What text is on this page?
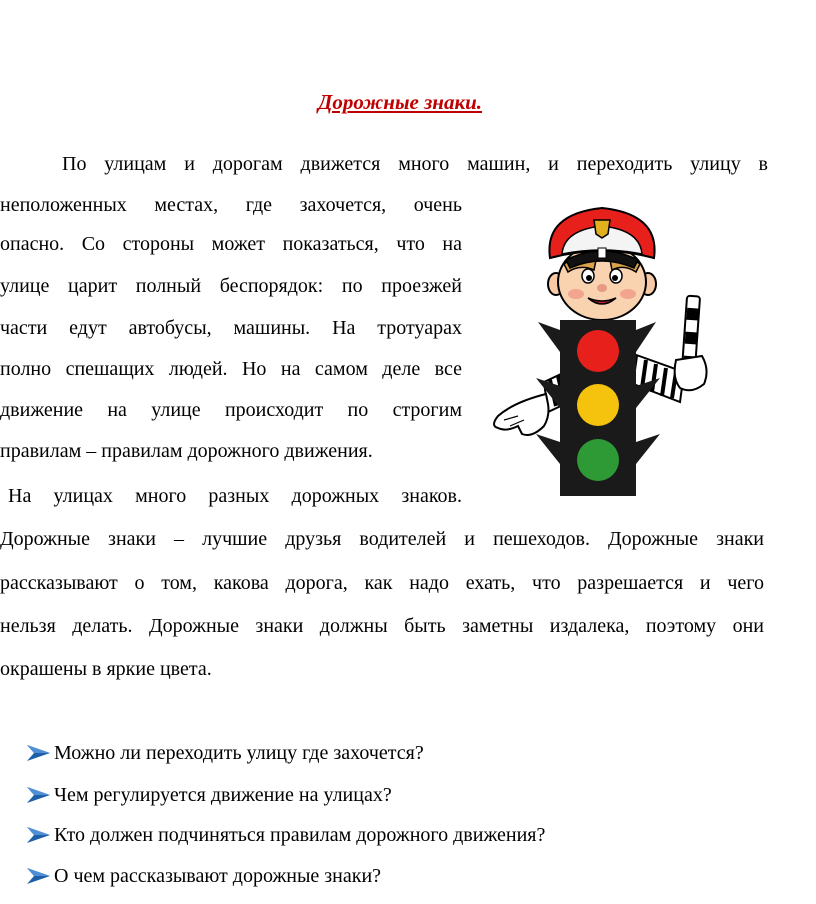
Дорожные знаки.
По улицам и дорогам движется много машин, и переходить улицу в
неположенных местах, где захочется, очень
опасно. Со стороны может показаться, что на
улице царит полный беспорядок: по проезжей
части едут автобусы, машины. На тротуарах
полно спешащих людей. Но на самом деле все
движение на улице происходит по строгим
правилам – правилам дорожного движения.
На улицах много разных дорожных знаков.
Дорожные знаки – лучшие друзья водителей и пешеходов. Дорожные знаки
рассказывают о том, какова дорога, как надо ехать, что разрешается и чего
нельзя делать. Дорожные знаки должны быть заметны издалека, поэтому они
окрашены в яркие цвета.
Можно ли переходить улицу где захочется?
Чем регулируется движение на улицах?
Кто должен подчиняться правилам дорожного движения?
О чем рассказывают дорожные знаки?
